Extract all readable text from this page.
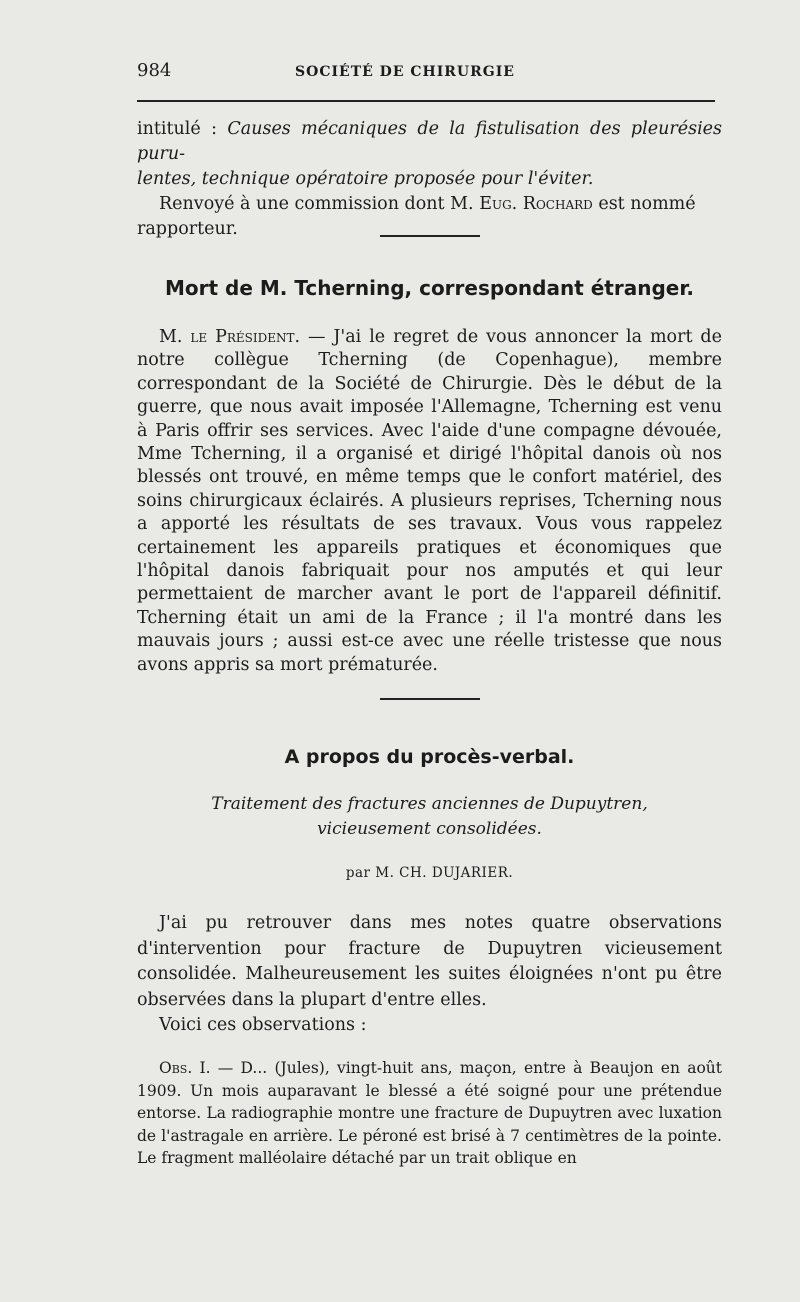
984	SOCIÉTÉ DE CHIRURGIE

intitulé : Causes mécaniques de la fistulisation des pleurésies puru-

lentes, technique opératoire proposée pour l'éviter.

Renvoyé à une commission dont M. Eug. Rochard est nommé

rapporteur.

Mort de M. Tcherning, correspondant étranger.
M. le Président. — J'ai le regret de vous annoncer la mort de notre collègue Tcherning (de Copenhague), membre correspondant de la Société de Chirurgie. Dès le début de la guerre, que nous avait imposée l'Allemagne, Tcherning est venu à Paris offrir ses services. Avec l'aide d'une compagne dévouée, Mme Tcherning, il a organisé et dirigé l'hôpital danois où nos blessés ont trouvé, en même temps que le confort matériel, des soins chirurgicaux éclairés. A plusieurs reprises, Tcherning nous a apporté les résultats de ses travaux. Vous vous rappelez certainement les appareils pratiques et économiques que l'hôpital danois fabriquait pour nos amputés et qui leur permettaient de marcher avant le port de l'appareil définitif. Tcherning était un ami de la France ; il l'a montré dans les mauvais jours ; aussi est-ce avec une réelle tristesse que nous avons appris sa mort prématurée.
A propos du procès-verbal.

Traitement des fractures anciennes de Dupuytren,

vicieusement consolidées.

par M. CH. DUJARIER.

J'ai pu retrouver dans mes notes quatre observations d'intervention pour fracture de Dupuytren vicieusement consolidée. Malheureusement les suites éloignées n'ont pu être observées dans la plupart d'entre elles.

Voici ces observations :

Obs. I. — D... (Jules), vingt-huit ans, maçon, entre à Beaujon en août 1909. Un mois auparavant le blessé a été soigné pour une prétendue entorse. La radiographie montre une fracture de Dupuytren avec luxation de l'astragale en arrière. Le péroné est brisé à 7 centimètres de la pointe. Le fragment malléolaire détaché par un trait oblique en
